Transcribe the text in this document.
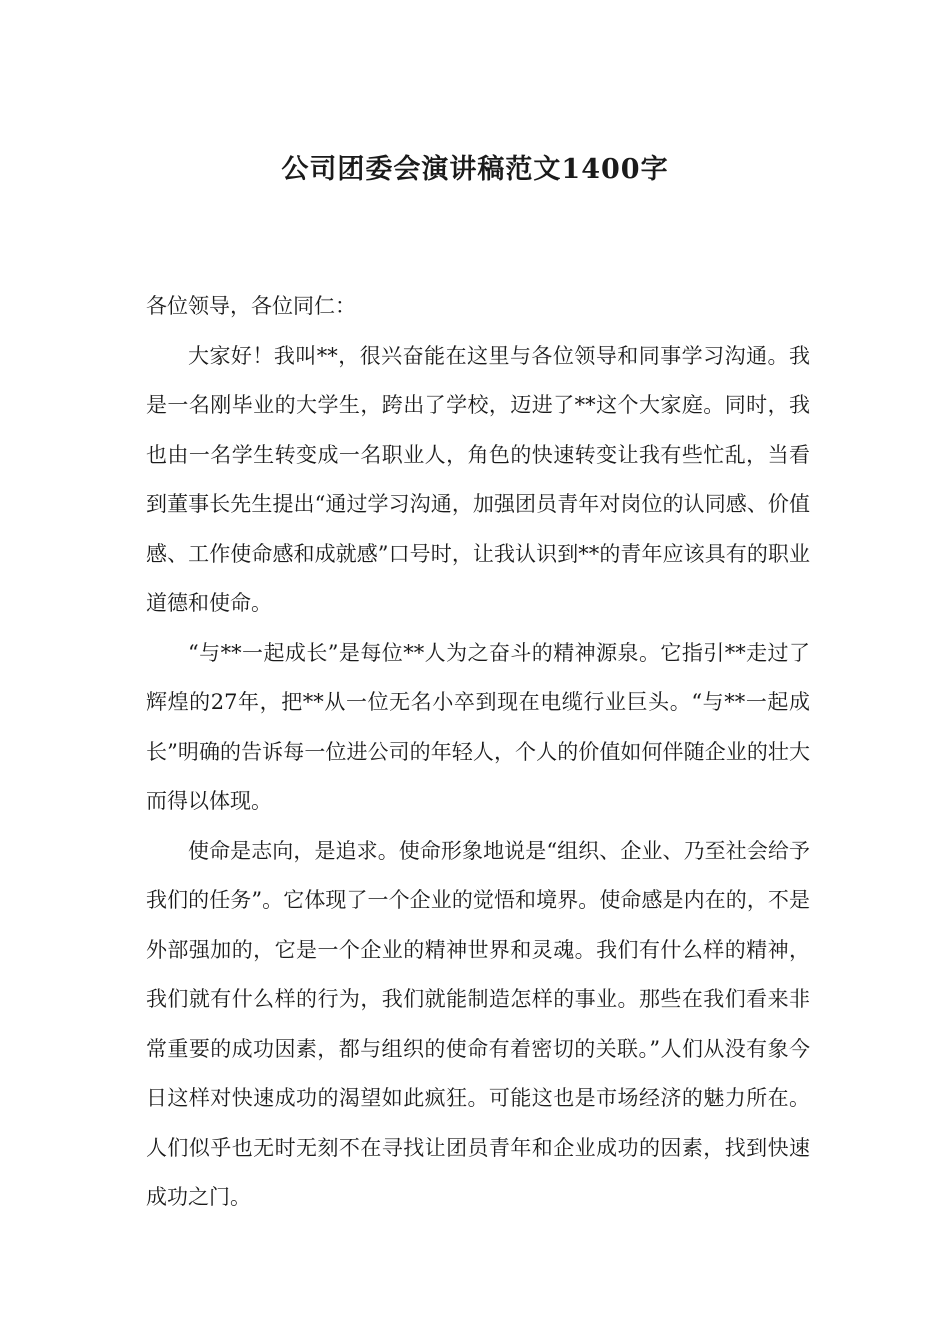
公司团委会演讲稿范文1400字

各位领导，各位同仁：

大家好！我叫**，很兴奋能在这里与各位领导和同事学习沟通。我是一名刚毕业的大学生，跨出了学校，迈进了**这个大家庭。同时，我也由一名学生转变成一名职业人，角色的快速转变让我有些忙乱，当看到董事长先生提出“通过学习沟通，加强团员青年对岗位的认同感、价值感、工作使命感和成就感”口号时，让我认识到**的青年应该具有的职业道德和使命。

“与**一起成长”是每位**人为之奋斗的精神源泉。它指引**走过了辉煌的27年，把**从一位无名小卒到现在电缆行业巨头。“与**一起成长”明确的告诉每一位进公司的年轻人，个人的价值如何伴随企业的壮大而得以体现。

使命是志向，是追求。使命形象地说是“组织、企业、乃至社会给予我们的任务”。它体现了一个企业的觉悟和境界。使命感是内在的，不是外部强加的，它是一个企业的精神世界和灵魂。我们有什么样的精神，我们就有什么样的行为，我们就能制造怎样的事业。那些在我们看来非常重要的成功因素，都与组织的使命有着密切的关联。”人们从没有象今日这样对快速成功的渴望如此疯狂。可能这也是市场经济的魅力所在。人们似乎也无时无刻不在寻找让团员青年和企业成功的因素，找到快速成功之门。
